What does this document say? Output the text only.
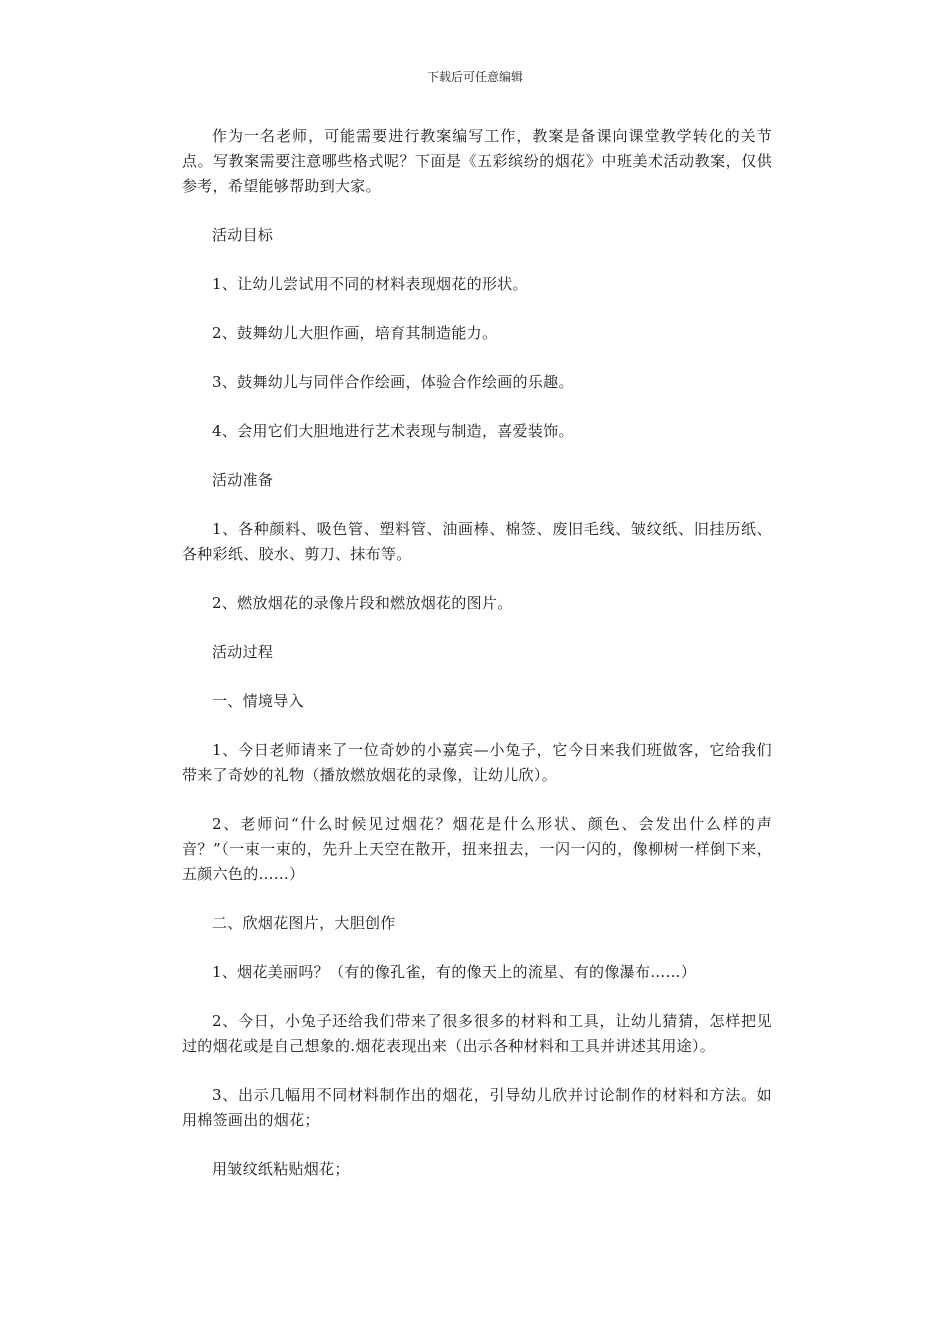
下载后可任意编辑

作为一名老师，可能需要进行教案编写工作，教案是备课向课堂教学转化的关节点。写教案需要注意哪些格式呢？下面是《五彩缤纷的烟花》中班美术活动教案，仅供参考，希望能够帮助到大家。

活动目标

1、让幼儿尝试用不同的材料表现烟花的形状。

2、鼓舞幼儿大胆作画，培育其制造能力。

3、鼓舞幼儿与同伴合作绘画，体验合作绘画的乐趣。

4、会用它们大胆地进行艺术表现与制造，喜爱装饰。

活动准备

1、各种颜料、吸色管、塑料管、油画棒、棉签、废旧毛线、皱纹纸、旧挂历纸、各种彩纸、胶水、剪刀、抹布等。

2、燃放烟花的录像片段和燃放烟花的图片。

活动过程

一、情境导入

1、今日老师请来了一位奇妙的小嘉宾—小兔子，它今日来我们班做客，它给我们带来了奇妙的礼物（播放燃放烟花的录像，让幼儿欣）。

2、老师问“什么时候见过烟花？烟花是什么形状、颜色、会发出什么样的声音？”（一束一束的，先升上天空在散开，扭来扭去，一闪一闪的，像柳树一样倒下来，五颜六色的……）

二、欣烟花图片，大胆创作

1、烟花美丽吗？（有的像孔雀，有的像天上的流星、有的像瀑布……）

2、今日，小兔子还给我们带来了很多很多的材料和工具，让幼儿猜猜，怎样把见过的烟花或是自己想象的.烟花表现出来（出示各种材料和工具并讲述其用途）。

3、出示几幅用不同材料制作出的烟花，引导幼儿欣并讨论制作的材料和方法。如用棉签画出的烟花；

用皱纹纸粘贴烟花；
